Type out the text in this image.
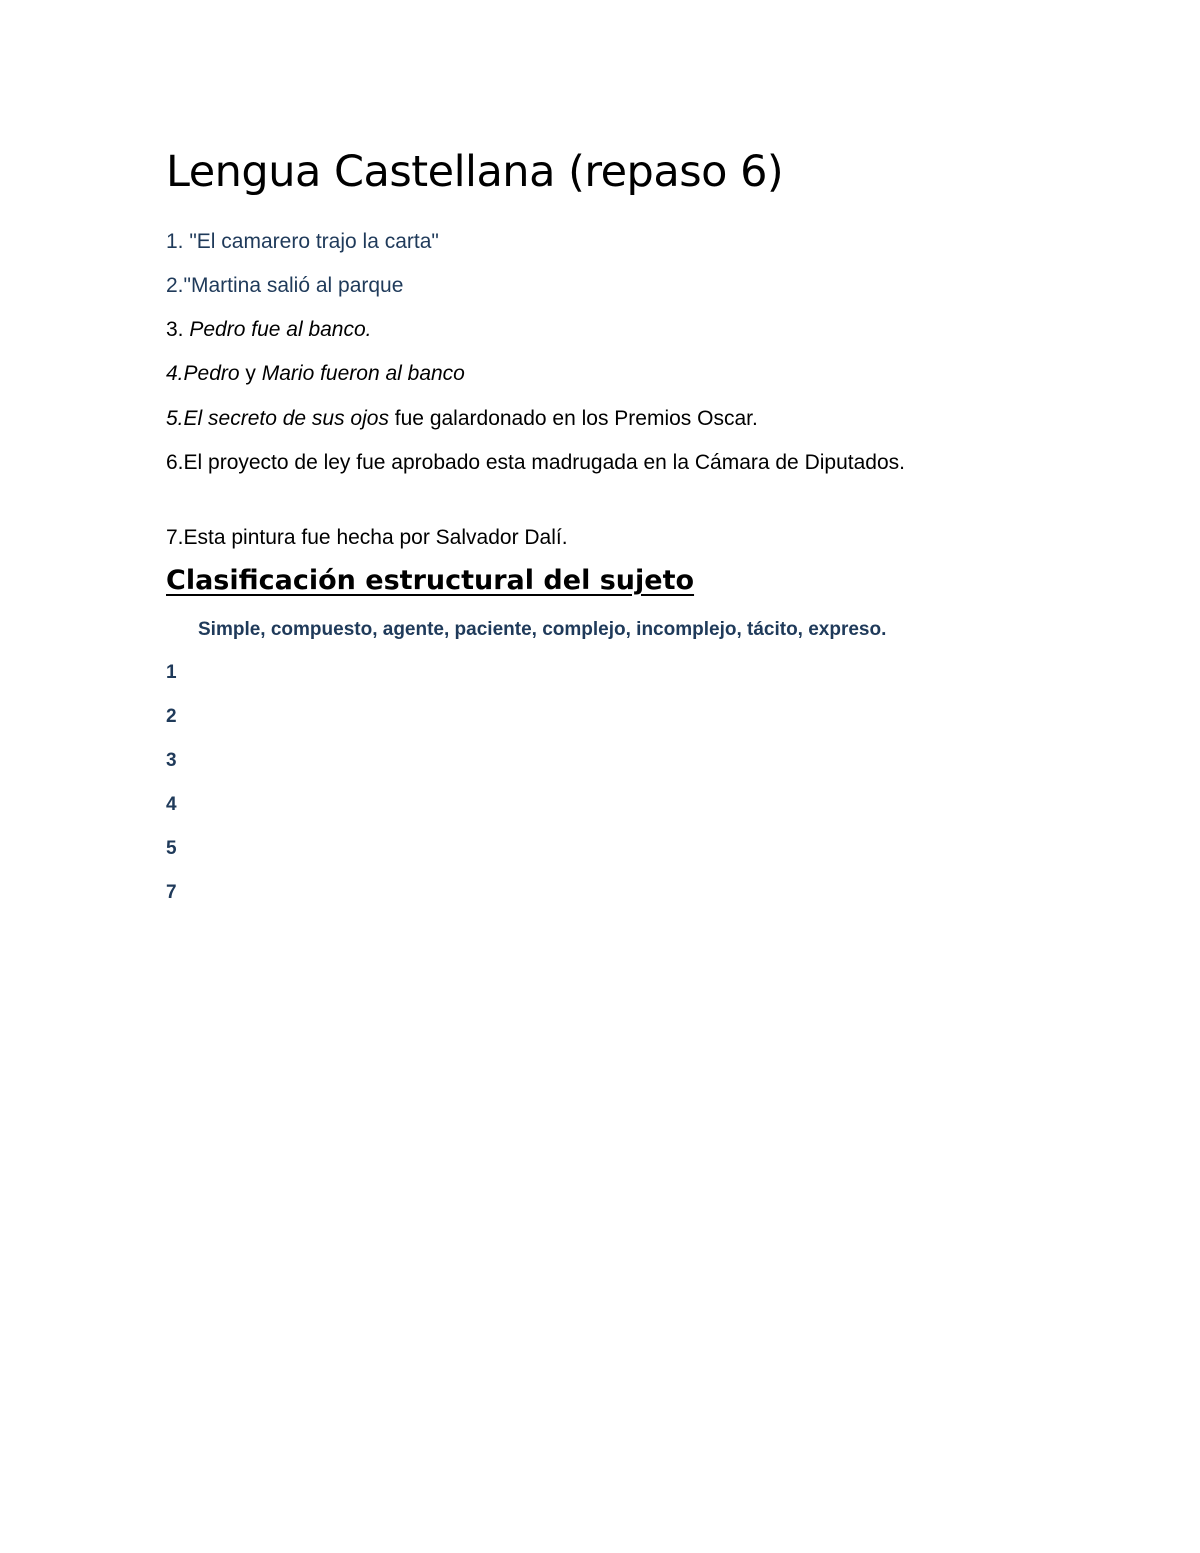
Lengua Castellana (repaso 6)
1. "El camarero trajo la carta"
2."Martina salió al parque
3. Pedro fue al banco.
4.Pedro y Mario fueron al banco
5.El secreto de sus ojos fue galardonado en los Premios Oscar.
6.El proyecto de ley fue aprobado esta madrugada en la Cámara de Diputados.
7.Esta pintura fue hecha por Salvador Dalí.
Clasificación estructural del sujeto
Simple, compuesto, agente, paciente, complejo, incomplejo, tácito, expreso.
1
2
3
4
5
7
